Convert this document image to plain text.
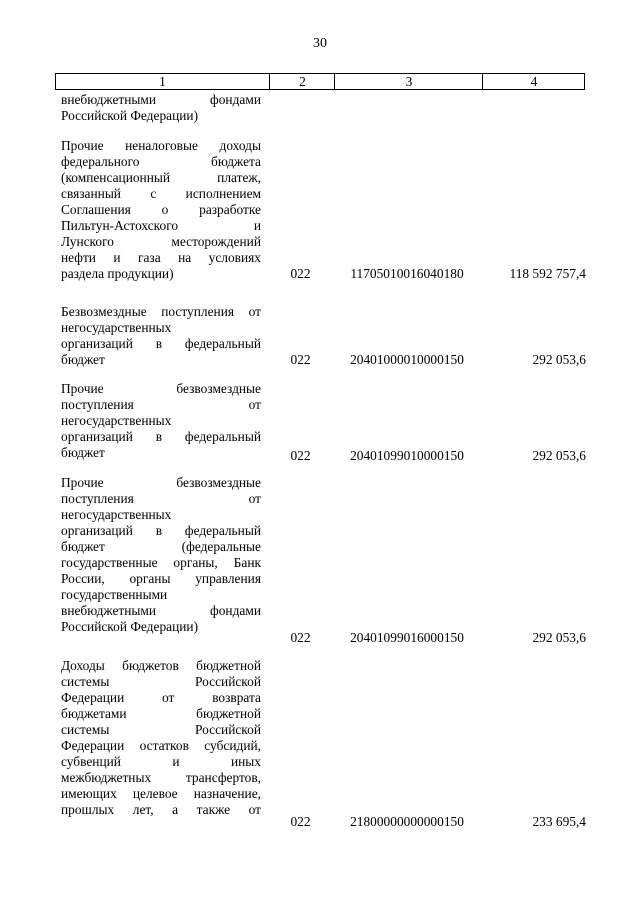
30
1	2	3	4
внебюджетными фондами
Российской Федерации)
Прочие неналоговые доходы
федерального бюджета
(компенсационный платеж,
связанный с исполнением
Соглашения о разработке
Пильтун-Астохского и
Лунского месторождений
нефти и газа на условиях
раздела продукции)	022	11705010016040180	118 592 757,4
Безвозмездные поступления от
негосударственных
организаций в федеральный
бюджет	022	20401000010000150	292 053,6
Прочие безвозмездные
поступления от
негосударственных
организаций в федеральный
бюджет	022	20401099010000150	292 053,6
Прочие безвозмездные
поступления от
негосударственных
организаций в федеральный
бюджет (федеральные
государственные органы, Банк
России, органы управления
государственными
внебюджетными фондами
Российской Федерации)
022	20401099016000150	292 053,6
Доходы бюджетов бюджетной
системы Российской
Федерации от возврата
бюджетами бюджетной
системы Российской
Федерации остатков субсидий,
субвенций и иных
межбюджетных трансфертов,
имеющих целевое назначение,
прошлых лет, а также от
022	21800000000000150	233 695,4
